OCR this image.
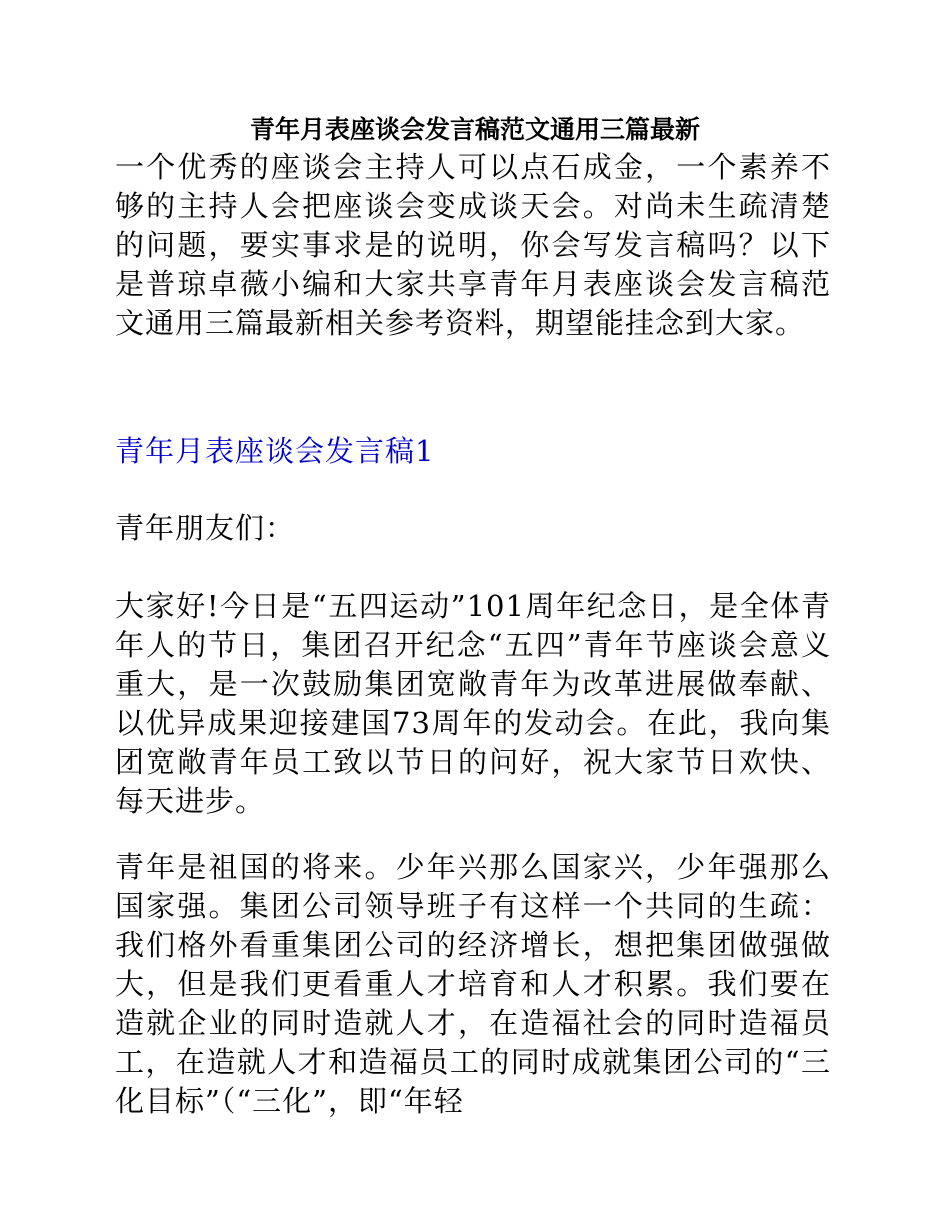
青年月表座谈会发言稿范文通用三篇最新

一个优秀的座谈会主持人可以点石成金，一个素养不够的主持人会把座谈会变成谈天会。对尚未生疏清楚的问题，要实事求是的说明，你会写发言稿吗？以下是普琼卓薇小编和大家共享青年月表座谈会发言稿范文通用三篇最新相关参考资料，期望能挂念到大家。

青年月表座谈会发言稿1

青年朋友们：

大家好!今日是“五四运动”101周年纪念日，是全体青年人的节日，集团召开纪念“五四”青年节座谈会意义重大，是一次鼓励集团宽敞青年为改革进展做奉献、以优异成果迎接建国73周年的发动会。在此，我向集团宽敞青年员工致以节日的问好，祝大家节日欢快、每天进步。

青年是祖国的将来。少年兴那么国家兴，少年强那么国家强。集团公司领导班子有这样一个共同的生疏：我们格外看重集团公司的经济增长，想把集团做强做大，但是我们更看重人才培育和人才积累。我们要在造就企业的同时造就人才，在造福社会的同时造福员工，在造就人才和造福员工的同时成就集团公司的“三化目标”（“三化”，即“年轻
